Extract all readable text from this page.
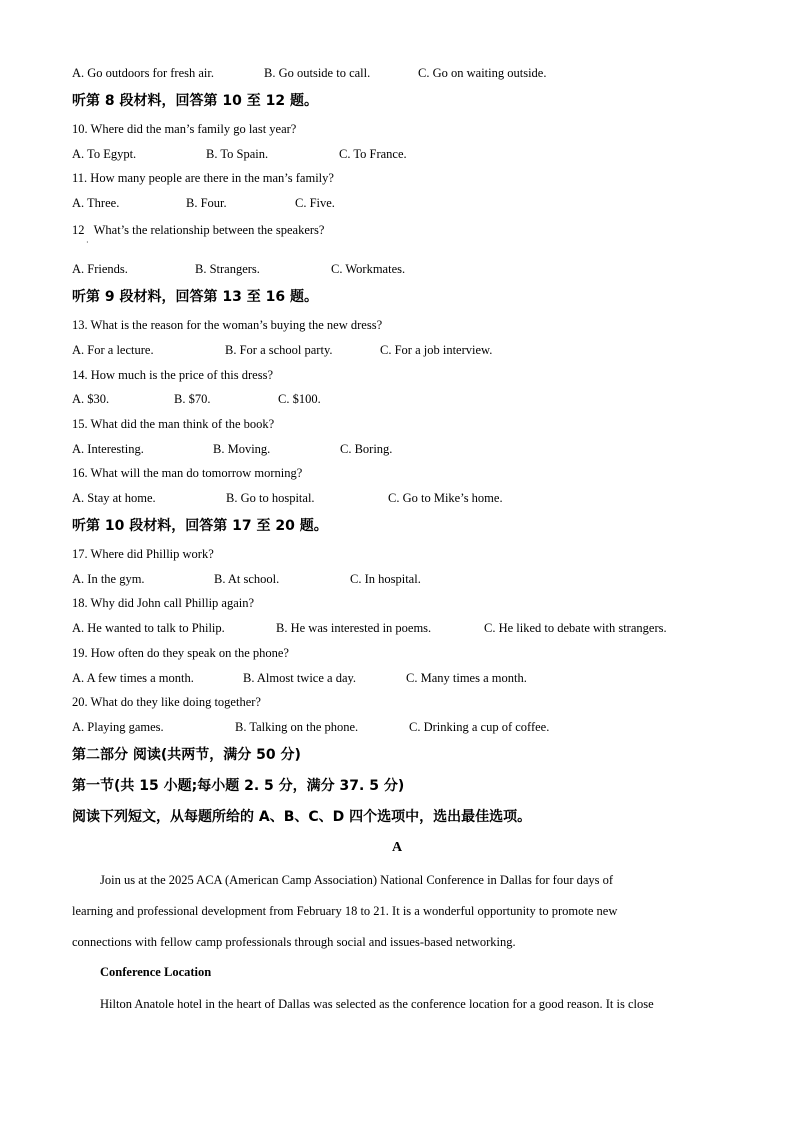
A. Go outdoors for fresh air.	B. Go outside to call.	C. Go on waiting outside.
听第 8 段材料，回答第 10 至 12 题。
10. Where did the man’s family go last year?
A. To Egypt.	B. To Spain.	C. To France.
11. How many people are there in the man’s family?
A. Three.	B. Four.	C. Five.
12 What’s the relationship between the speakers?
·
A. Friends.	B. Strangers.	C. Workmates.
听第 9 段材料，回答第 13 至 16 题。
13. What is the reason for the woman’s buying the new dress?
A. For a lecture.	B. For a school party.	C. For a job interview.
14. How much is the price of this dress?
A. $30.	B. $70.	C. $100.
15. What did the man think of the book?
A. Interesting.	B. Moving.	C. Boring.
16. What will the man do tomorrow morning?
A. Stay at home.	B. Go to hospital.	C. Go to Mike’s home.
听第 10 段材料，回答第 17 至 20 题。
17. Where did Phillip work?
A. In the gym.	B. At school.	C. In hospital.
18. Why did John call Phillip again?
A. He wanted to talk to Philip.	B. He was interested in poems.	C. He liked to debate with strangers.
19. How often do they speak on the phone?
A. A few times a month.	B. Almost twice a day.	C. Many times a month.
20. What do they like doing together?
A. Playing games.	B. Talking on the phone.	C. Drinking a cup of coffee.
第二部分 阅读(共两节，满分 50 分)
第一节(共 15 小题;每小题 2. 5 分，满分 37. 5 分)
阅读下列短文，从每题所给的 A、B、C、D 四个选项中，选出最佳选项。
A
Join us at the 2025 ACA (American Camp Association) National Conference in Dallas for four days of
learning and professional development from February 18 to 21. It is a wonderful opportunity to promote new
connections with fellow camp professionals through social and issues-based networking.
Conference Location
Hilton Anatole hotel in the heart of Dallas was selected as the conference location for a good reason. It is close
